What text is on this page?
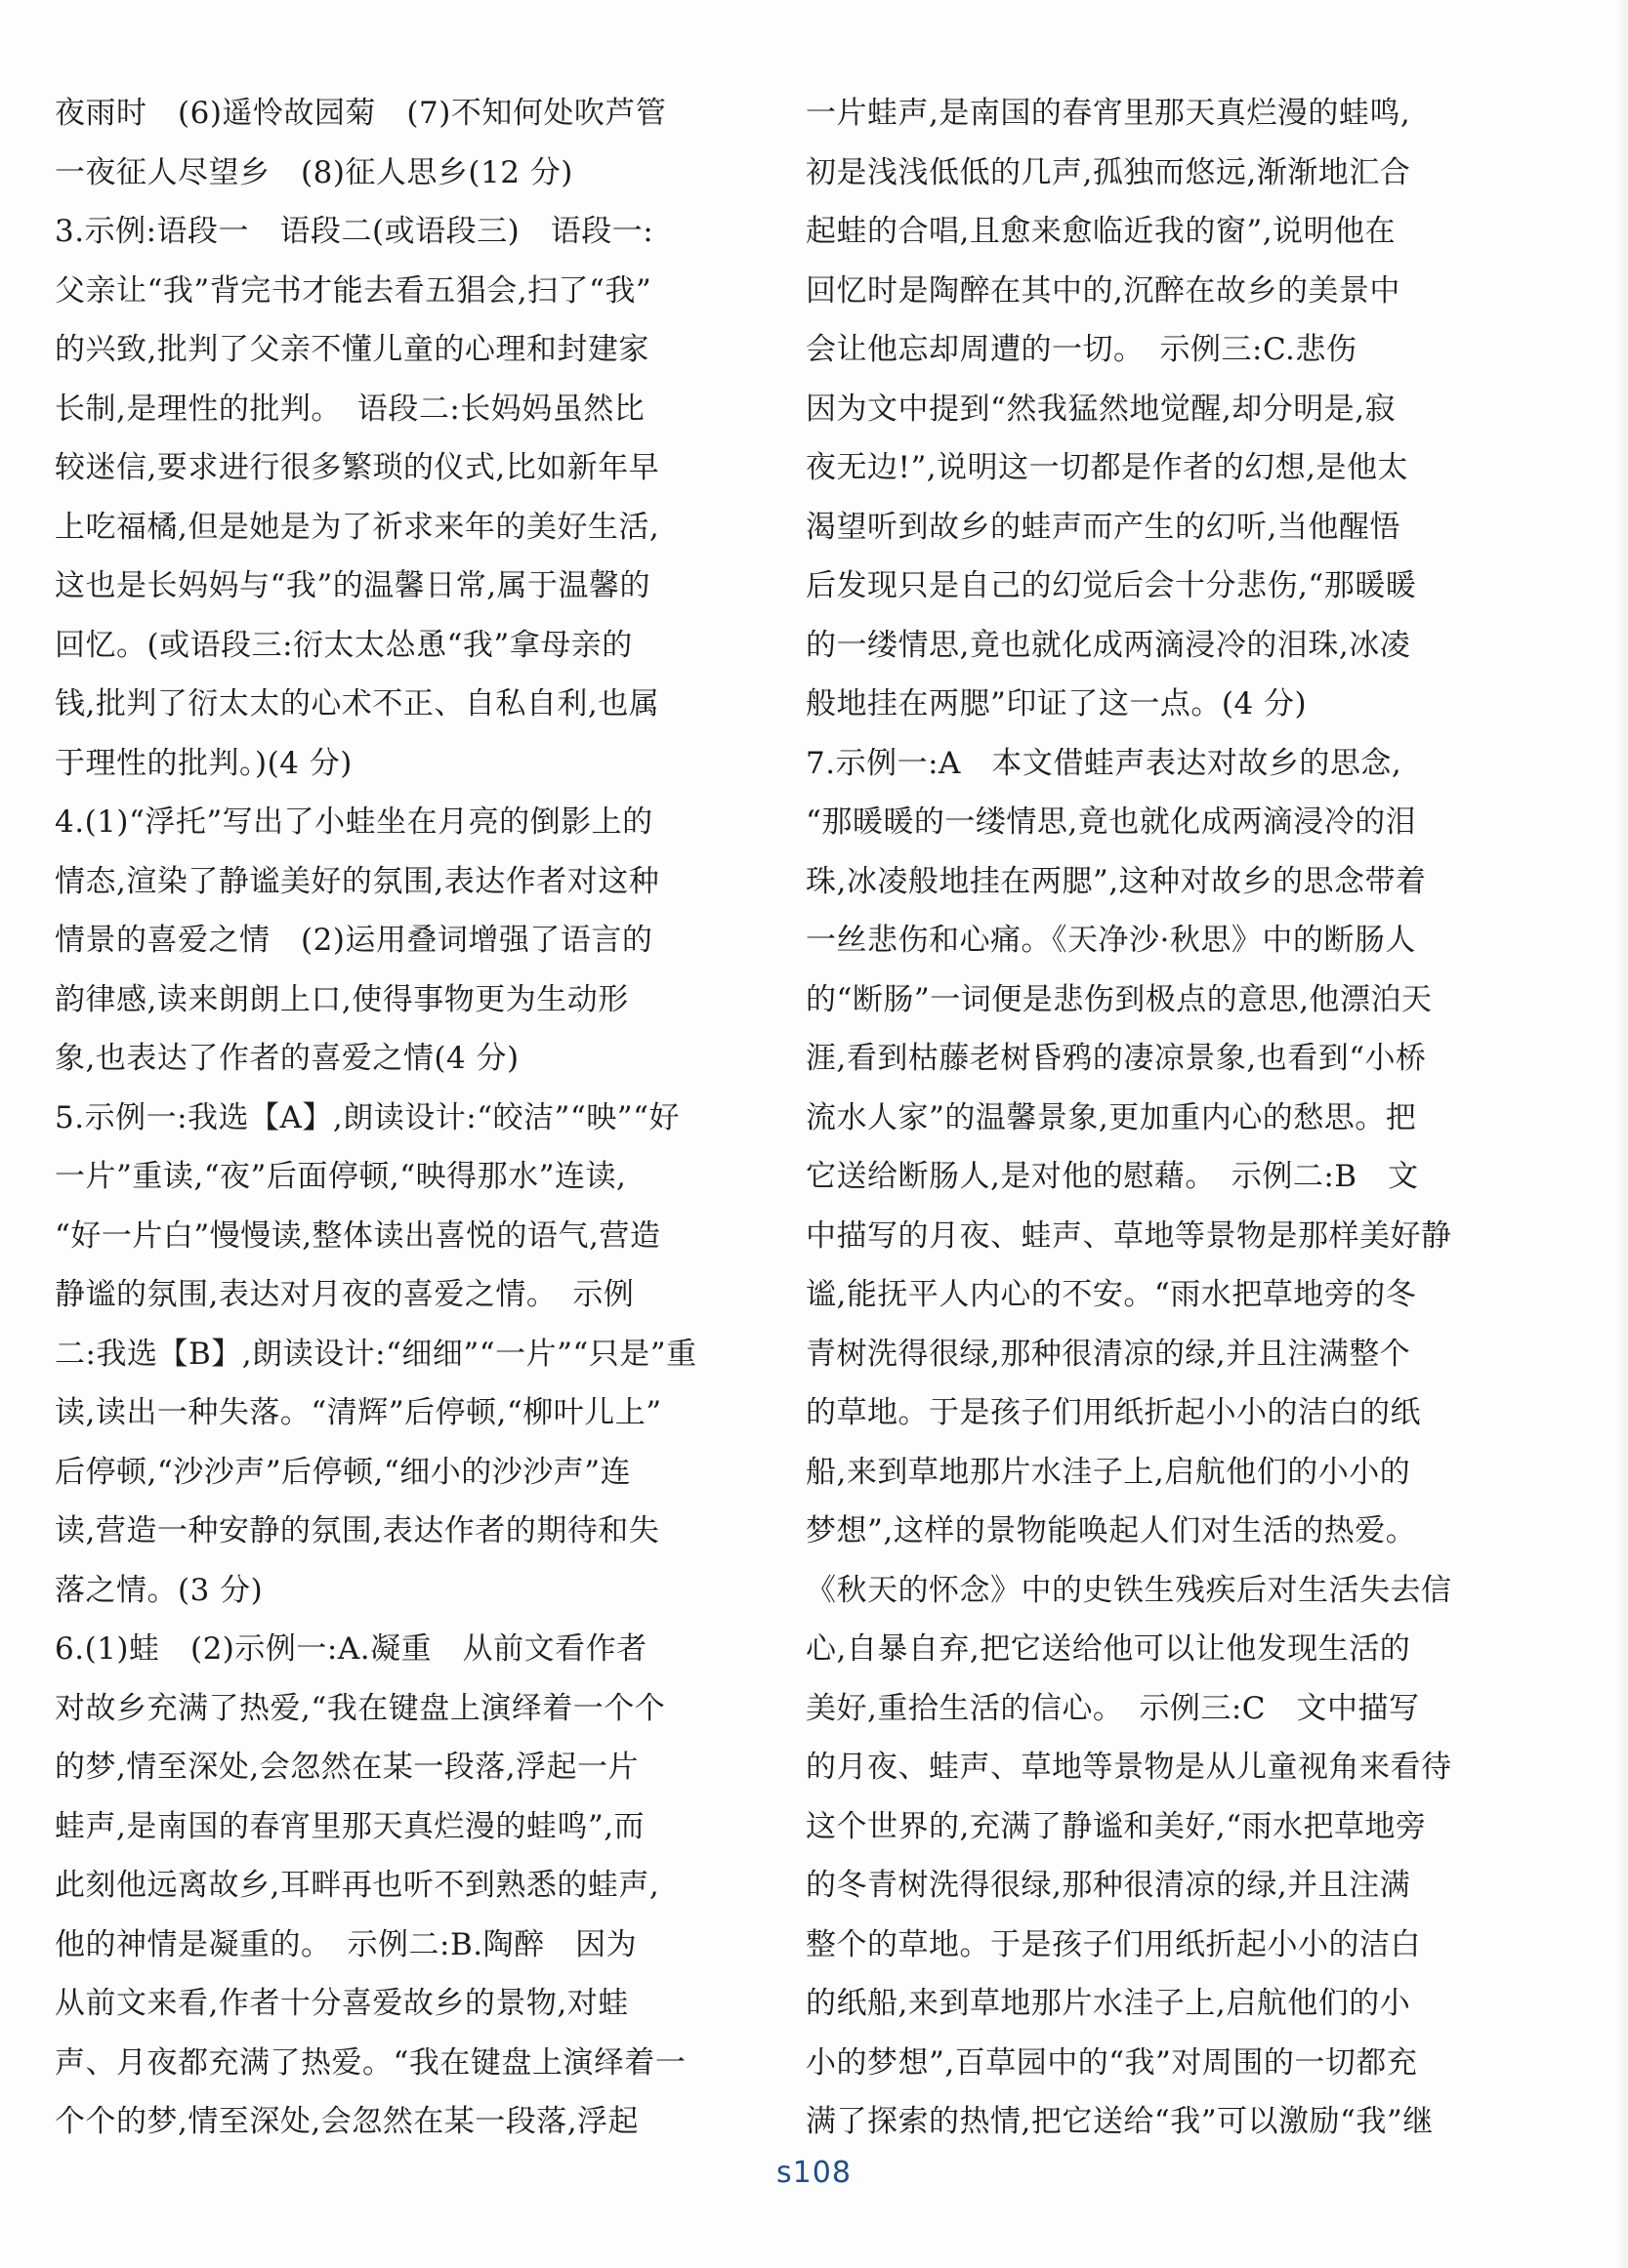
夜雨时　(6)遥怜故园菊　(7)不知何处吹芦管
一夜征人尽望乡　(8)征人思乡(12 分)
3.示例:语段一　语段二(或语段三)　语段一:
父亲让“我”背完书才能去看五猖会,扫了“我”
的兴致,批判了父亲不懂儿童的心理和封建家
长制,是理性的批判。　语段二:长妈妈虽然比
较迷信,要求进行很多繁琐的仪式,比如新年早
上吃福橘,但是她是为了祈求来年的美好生活,
这也是长妈妈与“我”的温馨日常,属于温馨的
回忆。(或语段三:衍太太怂恿“我”拿母亲的
钱,批判了衍太太的心术不正、自私自利,也属
于理性的批判。)(4 分)
4.(1)“浮托”写出了小蛙坐在月亮的倒影上的
情态,渲染了静谧美好的氛围,表达作者对这种
情景的喜爱之情　(2)运用叠词增强了语言的
韵律感,读来朗朗上口,使得事物更为生动形
象,也表达了作者的喜爱之情(4 分)
5.示例一:我选【A】,朗读设计:“皎洁”“映”“好
一片”重读,“夜”后面停顿,“映得那水”连读,
“好一片白”慢慢读,整体读出喜悦的语气,营造
静谧的氛围,表达对月夜的喜爱之情。　示例
二:我选【B】,朗读设计:“细细”“一片”“只是”重
读,读出一种失落。“清辉”后停顿,“柳叶儿上”
后停顿,“沙沙声”后停顿,“细小的沙沙声”连
读,营造一种安静的氛围,表达作者的期待和失
落之情。(3 分)
6.(1)蛙　(2)示例一:A.凝重　从前文看作者
对故乡充满了热爱,“我在键盘上演绎着一个个
的梦,情至深处,会忽然在某一段落,浮起一片
蛙声,是南国的春宵里那天真烂漫的蛙鸣”,而
此刻他远离故乡,耳畔再也听不到熟悉的蛙声,
他的神情是凝重的。　示例二:B.陶醉　因为
从前文来看,作者十分喜爱故乡的景物,对蛙
声、月夜都充满了热爱。“我在键盘上演绎着一
个个的梦,情至深处,会忽然在某一段落,浮起
一片蛙声,是南国的春宵里那天真烂漫的蛙鸣,
初是浅浅低低的几声,孤独而悠远,渐渐地汇合
起蛙的合唱,且愈来愈临近我的窗”,说明他在
回忆时是陶醉在其中的,沉醉在故乡的美景中
会让他忘却周遭的一切。　示例三:C.悲伤
因为文中提到“然我猛然地觉醒,却分明是,寂
夜无边!”,说明这一切都是作者的幻想,是他太
渴望听到故乡的蛙声而产生的幻听,当他醒悟
后发现只是自己的幻觉后会十分悲伤,“那暖暖
的一缕情思,竟也就化成两滴浸冷的泪珠,冰凌
般地挂在两腮”印证了这一点。(4 分)
7.示例一:A　本文借蛙声表达对故乡的思念,
“那暖暖的一缕情思,竟也就化成两滴浸冷的泪
珠,冰凌般地挂在两腮”,这种对故乡的思念带着
一丝悲伤和心痛。《天净沙·秋思》中的断肠人
的“断肠”一词便是悲伤到极点的意思,他漂泊天
涯,看到枯藤老树昏鸦的凄凉景象,也看到“小桥
流水人家”的温馨景象,更加重内心的愁思。把
它送给断肠人,是对他的慰藉。　示例二:B　文
中描写的月夜、蛙声、草地等景物是那样美好静
谧,能抚平人内心的不安。“雨水把草地旁的冬
青树洗得很绿,那种很清凉的绿,并且注满整个
的草地。于是孩子们用纸折起小小的洁白的纸
船,来到草地那片水洼子上,启航他们的小小的
梦想”,这样的景物能唤起人们对生活的热爱。
《秋天的怀念》中的史铁生残疾后对生活失去信
心,自暴自弃,把它送给他可以让他发现生活的
美好,重拾生活的信心。　示例三:C　文中描写
的月夜、蛙声、草地等景物是从儿童视角来看待
这个世界的,充满了静谧和美好,“雨水把草地旁
的冬青树洗得很绿,那种很清凉的绿,并且注满
整个的草地。于是孩子们用纸折起小小的洁白
的纸船,来到草地那片水洼子上,启航他们的小
小的梦想”,百草园中的“我”对周围的一切都充
满了探索的热情,把它送给“我”可以激励“我”继
s108
